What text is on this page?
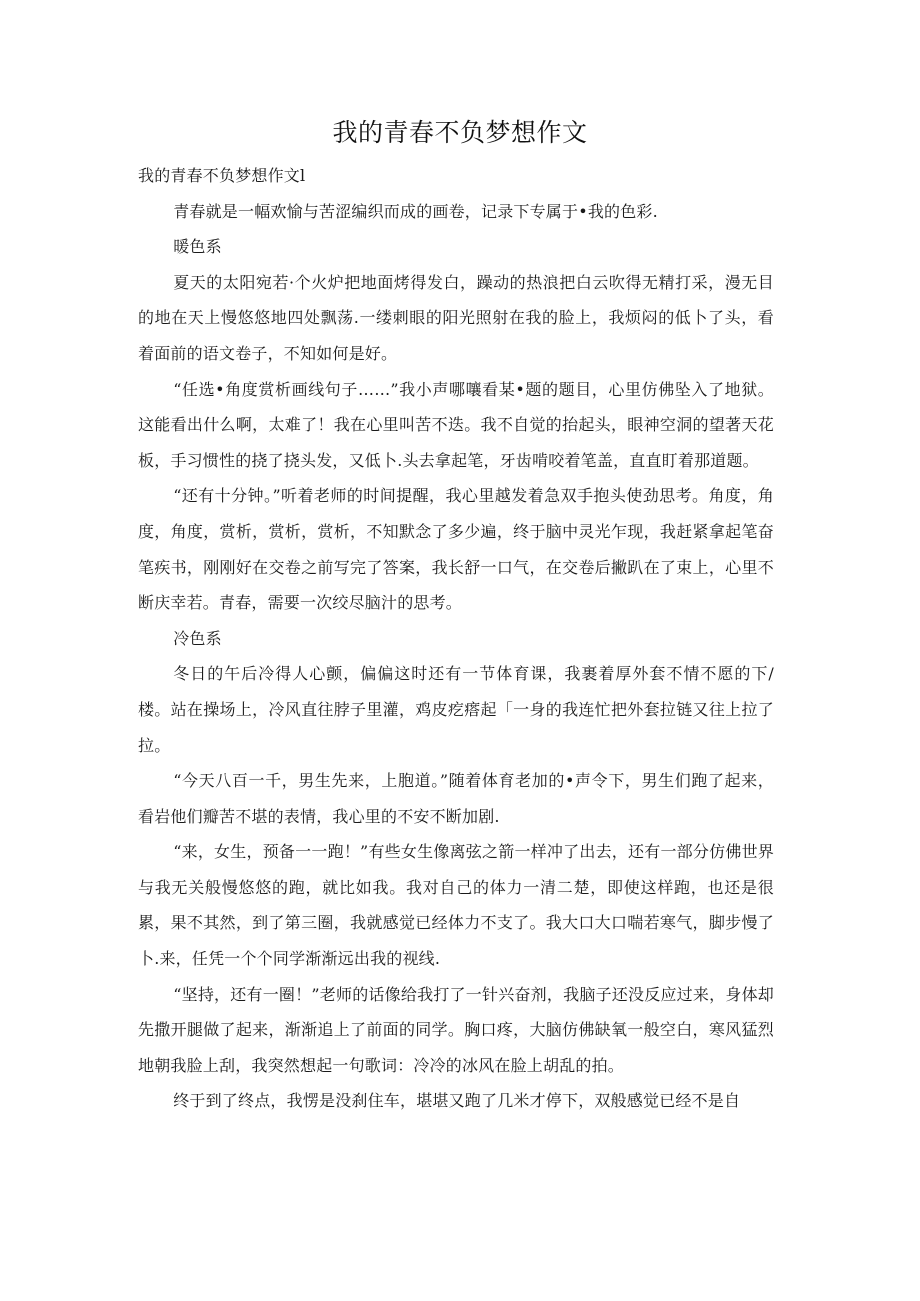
我的青春不负梦想作文

我的青春不负梦想作文l

青春就是一幅欢愉与苦涩编织而成的画卷，记录下专属于•我的色彩.

暖色系

夏天的太阳宛若·个火炉把地面烤得发白，躁动的热浪把白云吹得无精打采，漫无目的地在天上慢悠悠地四处飘荡.一缕刺眼的阳光照射在我的脸上，我烦闷的低卜了头，看着面前的语文卷子，不知如何是好。

“任选•角度赏析画线句子……”我小声哪嚷看某•题的题目，心里仿佛坠入了地狱。这能看出什么啊，太难了！我在心里叫苦不迭。我不自觉的抬起头，眼神空洞的望著天花板，手习惯性的挠了挠头发，又低卜.头去拿起笔，牙齿啃咬着笔盖，直直盯着那道题。

“还有十分钟。”听着老师的时间提醒，我心里越发着急双手抱头使劲思考。角度，角度，角度，赏析，赏析，赏析，不知默念了多少遍，终于脑中灵光乍现，我赶紧拿起笔奋笔疾书，刚刚好在交卷之前写完了答案，我长舒一口气，在交卷后撇趴在了束上，心里不断庆幸若。青春，需要一次绞尽脑汁的思考。

冷色系

冬日的午后冷得人心颤，偏偏这时还有一节体育课，我裹着厚外套不情不愿的下/楼。站在操场上，冷风直往脖子里灌，鸡皮疙瘩起「一身的我连忙把外套拉链又往上拉了拉。

“今天八百一千，男生先来，上胞道。”随着体育老加的•声令下，男生们跑了起来，看岩他们瓣苦不堪的表情，我心里的不安不断加剧.

“来，女生，预备一一跑！”有些女生像离弦之箭一样冲了出去，还有一部分仿佛世界与我无关般慢悠悠的跑，就比如我。我对自己的体力一清二楚，即使这样跑，也还是很累，果不其然，到了第三圈，我就感觉已经体力不支了。我大口大口喘若寒气，脚步慢了卜.来，任凭一个个同学渐渐远出我的视线.

“坚持，还有一圈！”老师的话像给我打了一针兴奋剂，我脑子还没反应过来，身体却先撒开腿做了起来，渐渐追上了前面的同学。胸口疼，大脑仿佛缺氧一般空白，寒风猛烈地朝我脸上刮，我突然想起一句歌词：冷冷的冰风在脸上胡乱的拍。

终于到了终点，我愣是没刹住车，堪堪又跑了几米才停下，双般感觉已经不是自
